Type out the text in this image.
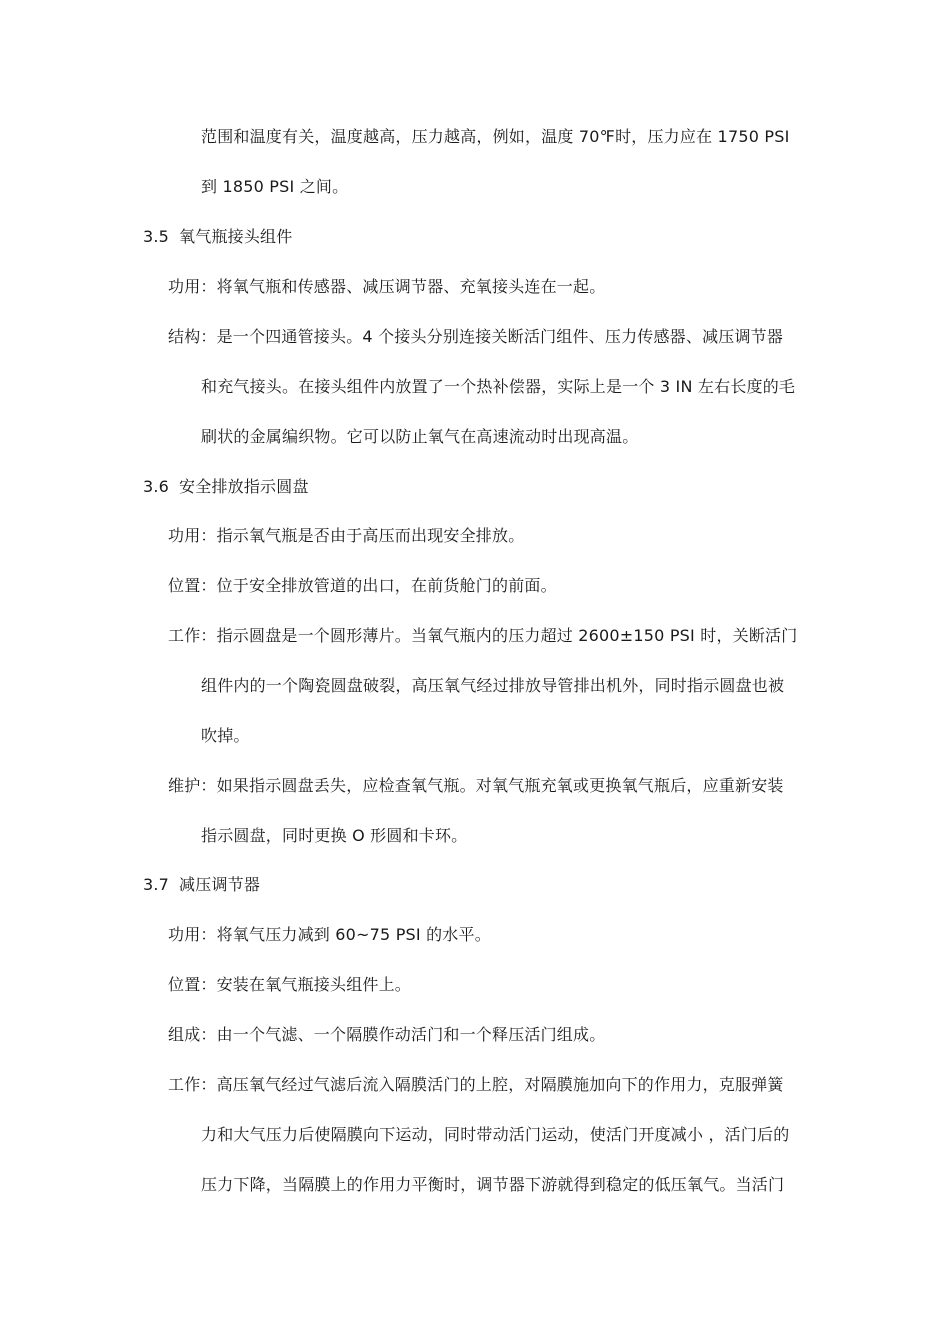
范围和温度有关，温度越高，压力越高，例如，温度 70℉时，压力应在 1750 PSI
到 1850 PSI 之间。
3.5 氧气瓶接头组件
功用：将氧气瓶和传感器、减压调节器、充氧接头连在一起。
结构：是一个四通管接头。4 个接头分别连接关断活门组件、压力传感器、减压调节器
和充气接头。在接头组件内放置了一个热补偿器，实际上是一个 3 IN 左右长度的毛
刷状的金属编织物。它可以防止氧气在高速流动时出现高温。
3.6 安全排放指示圆盘
功用：指示氧气瓶是否由于高压而出现安全排放。
位置：位于安全排放管道的出口，在前货舱门的前面。
工作：指示圆盘是一个圆形薄片。当氧气瓶内的压力超过 2600±150 PSI 时，关断活门
组件内的一个陶瓷圆盘破裂，高压氧气经过排放导管排出机外，同时指示圆盘也被
吹掉。
维护：如果指示圆盘丢失，应检查氧气瓶。对氧气瓶充氧或更换氧气瓶后，应重新安装
指示圆盘，同时更换 O 形圆和卡环。
3.7 减压调节器
功用：将氧气压力减到 60~75 PSI 的水平。
位置：安装在氧气瓶接头组件上。
组成：由一个气滤、一个隔膜作动活门和一个释压活门组成。
工作：高压氧气经过气滤后流入隔膜活门的上腔，对隔膜施加向下的作用力，克服弹簧
力和大气压力后使隔膜向下运动，同时带动活门运动，使活门开度减小 ，活门后的
压力下降，当隔膜上的作用力平衡时，调节器下游就得到稳定的低压氧气。当活门
